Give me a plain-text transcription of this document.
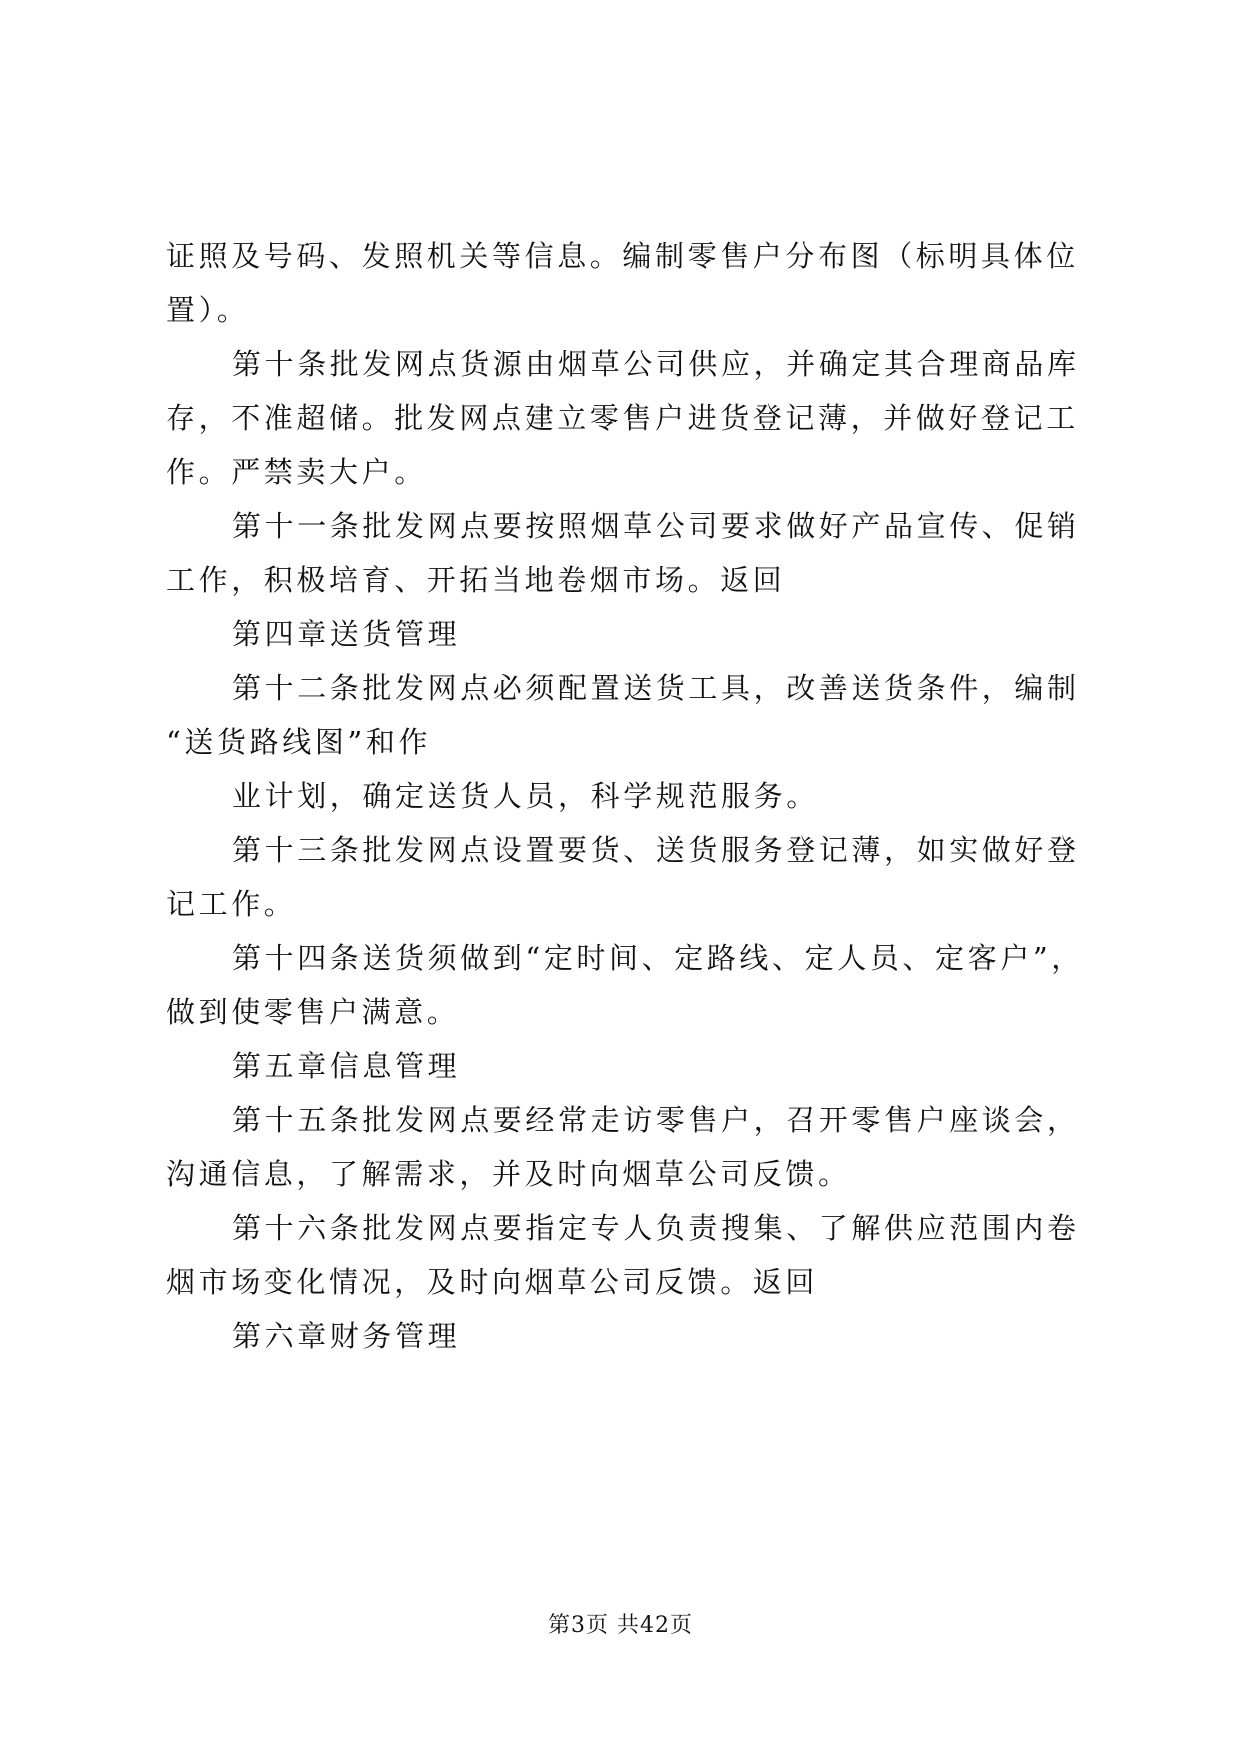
证照及号码、发照机关等信息。编制零售户分布图（标明具体位
置）。
第十条批发网点货源由烟草公司供应，并确定其合理商品库
存，不准超储。批发网点建立零售户进货登记薄，并做好登记工
作。严禁卖大户。
第十一条批发网点要按照烟草公司要求做好产品宣传、促销
工作，积极培育、开拓当地卷烟市场。返回
第四章送货管理
第十二条批发网点必须配置送货工具，改善送货条件，编制
“送货路线图”和作
业计划，确定送货人员，科学规范服务。
第十三条批发网点设置要货、送货服务登记薄，如实做好登
记工作。
第十四条送货须做到“定时间、定路线、定人员、定客户”，
做到使零售户满意。
第五章信息管理
第十五条批发网点要经常走访零售户，召开零售户座谈会，
沟通信息，了解需求，并及时向烟草公司反馈。
第十六条批发网点要指定专人负责搜集、了解供应范围内卷
烟市场变化情况，及时向烟草公司反馈。返回
第六章财务管理
第3页 共42页
